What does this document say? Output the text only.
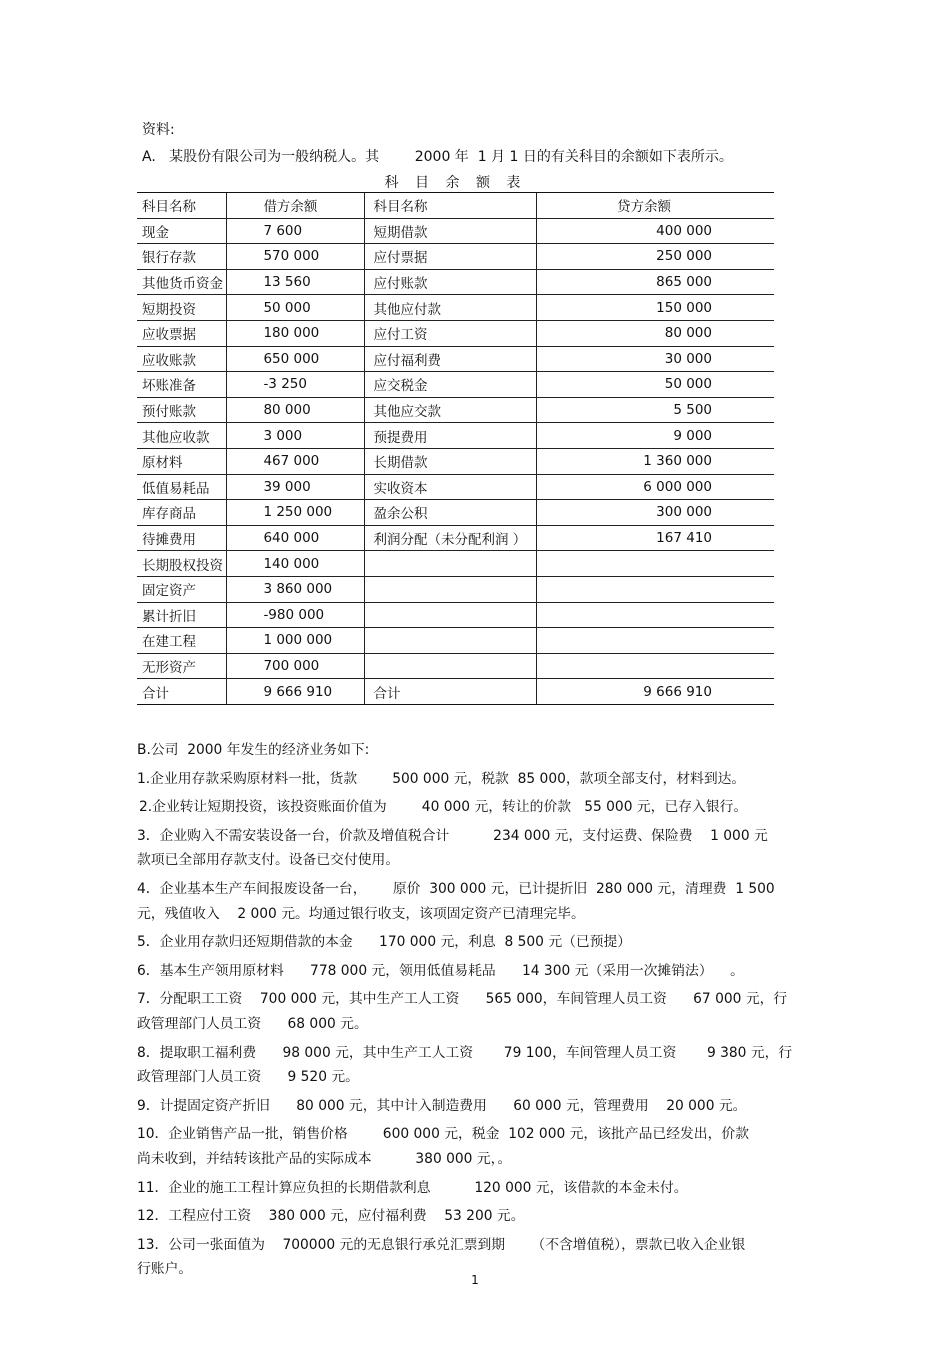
资料:
A.   某股份有限公司为一般纳税人。其        2000 年  1 月 1 日的有关科目的余额如下表所示。
科 目 余 额 表
科目名称	借方余额	科目名称	贷方余额
现金	7 600	短期借款	400 000
银行存款	570 000	应付票据	250 000
其他货币资金	13 560	应付账款	865 000
短期投资	50 000	其他应付款	150 000
应收票据	180 000	应付工资	80 000
应收账款	650 000	应付福利费	30 000
坏账准备	-3 250	应交税金	50 000
预付账款	80 000	其他应交款	5 500
其他应收款	3 000	预提费用	9 000
原材料	467 000	长期借款	1 360 000
低值易耗品	39 000	实收资本	6 000 000
库存商品	1 250 000	盈余公积	300 000
待摊费用	640 000	利润分配（未分配利润 ）	167 410
长期股权投资	140 000		
固定资产	3 860 000		
累计折旧	-980 000		
在建工程	1 000 000		
无形资产	700 000		
合计	9 666 910	合计	9 666 910

B.公司  2000 年发生的经济业务如下:

1.企业用存款采购原材料一批，货款        500 000 元，税款  85 000，款项全部支付，材料到达。

2.企业转让短期投资，该投资账面价值为        40 000 元，转让的价款   55 000 元，已存入银行。

3．企业购入不需安装设备一台，价款及增值税合计          234 000 元，支付运费、保险费    1 000 元
款项已全部用存款支付。设备已交付使用。

4．企业基本生产车间报废设备一台，      原价  300 000 元，已计提折旧  280 000 元，清理费  1 500
元，残值收入    2 000 元。均通过银行收支，该项固定资产已清理完毕。

5．企业用存款归还短期借款的本金      170 000 元，利息  8 500 元（已预提）

6．基本生产领用原材料      778 000 元，领用低值易耗品      14 300 元（采用一次摊销法）    。

7．分配职工工资    700 000 元，其中生产工人工资      565 000，车间管理人员工资      67 000 元，行
政管理部门人员工资      68 000 元。

8．提取职工福利费      98 000 元，其中生产工人工资       79 100，车间管理人员工资       9 380 元，行
政管理部门人员工资      9 520 元。

9．计提固定资产折旧      80 000 元，其中计入制造费用      60 000 元，管理费用    20 000 元。

10．企业销售产品一批，销售价格        600 000 元，税金  102 000 元，该批产品已经发出，价款
尚未收到，并结转该批产品的实际成本          380 000 元，。

11．企业的施工工程计算应负担的长期借款利息          120 000 元，该借款的本金未付。

12．工程应付工资    380 000 元，应付福利费    53 200 元。

13．公司一张面值为    700000 元的无息银行承兑汇票到期      （不含增值税），票款已收入企业银
行账户。

1
